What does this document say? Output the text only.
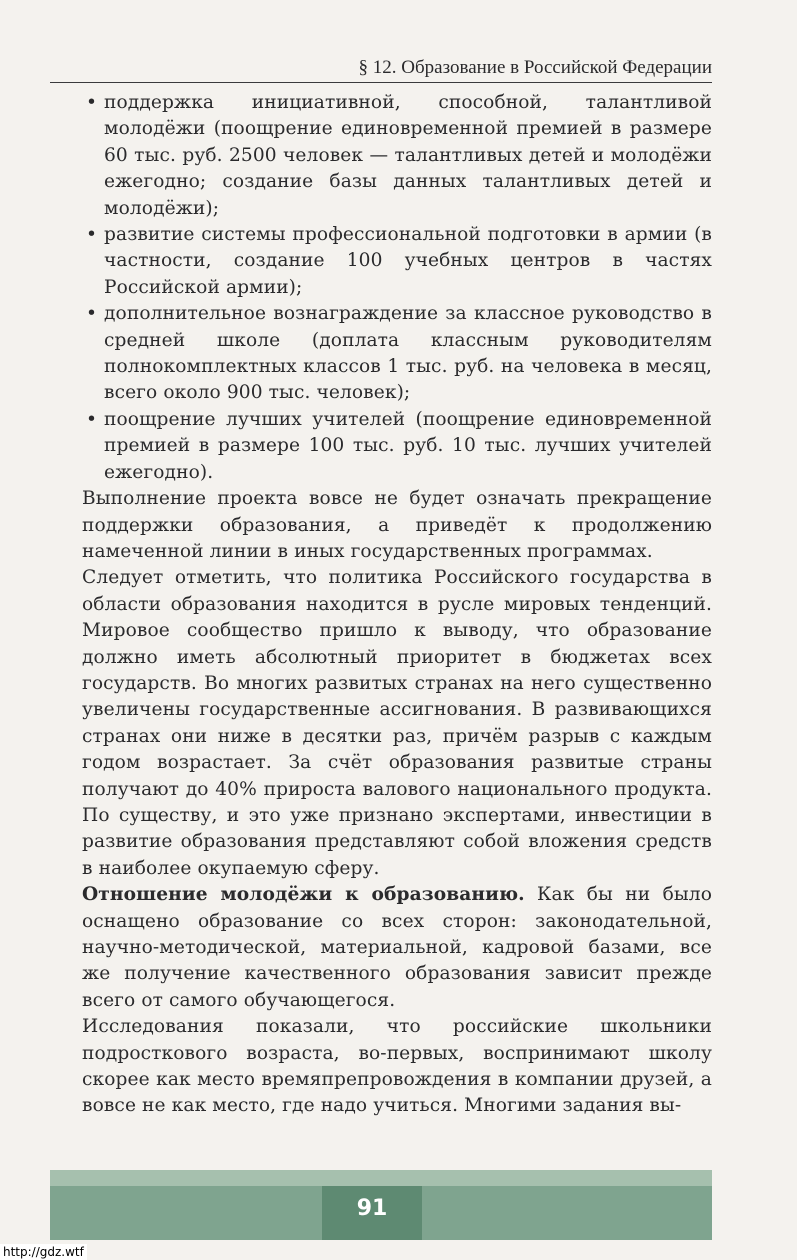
§ 12. Образование в Российской Федерации
• поддержка инициативной, способной, талантливой молодёжи (поощрение единовременной премией в размере 60 тыс. руб. 2500 человек — талантливых детей и молодёжи ежегодно; создание базы данных талантливых детей и молодёжи);
• развитие системы профессиональной подготовки в армии (в частности, создание 100 учебных центров в частях Российской армии);
• дополнительное вознаграждение за классное руководство в средней школе (доплата классным руководителям полнокомплектных классов 1 тыс. руб. на человека в месяц, всего около 900 тыс. человек);
• поощрение лучших учителей (поощрение единовременной премией в размере 100 тыс. руб. 10 тыс. лучших учителей ежегодно).

Выполнение проекта вовсе не будет означать прекращение поддержки образования, а приведёт к продолжению намеченной линии в иных государственных программах.

Следует отметить, что политика Российского государства в области образования находится в русле мировых тенденций. Мировое сообщество пришло к выводу, что образование должно иметь абсолютный приоритет в бюджетах всех государств. Во многих развитых странах на него существенно увеличены государственные ассигнования. В развивающихся странах они ниже в десятки раз, причём разрыв с каждым годом возрастает. За счёт образования развитые страны получают до 40% прироста валового национального продукта. По существу, и это уже признано экспертами, инвестиции в развитие образования представляют собой вложения средств в наиболее окупаемую сферу.

Отношение молодёжи к образованию. Как бы ни было оснащено образование со всех сторон: законодательной, научно-методической, материальной, кадровой базами, все же получение качественного образования зависит прежде всего от самого обучающегося.

Исследования показали, что российские школьники подросткового возраста, во-первых, воспринимают школу скорее как место времяпрепровождения в компании друзей, а вовсе не как место, где надо учиться. Многими задания вы-

91
http://gdz.wtf
